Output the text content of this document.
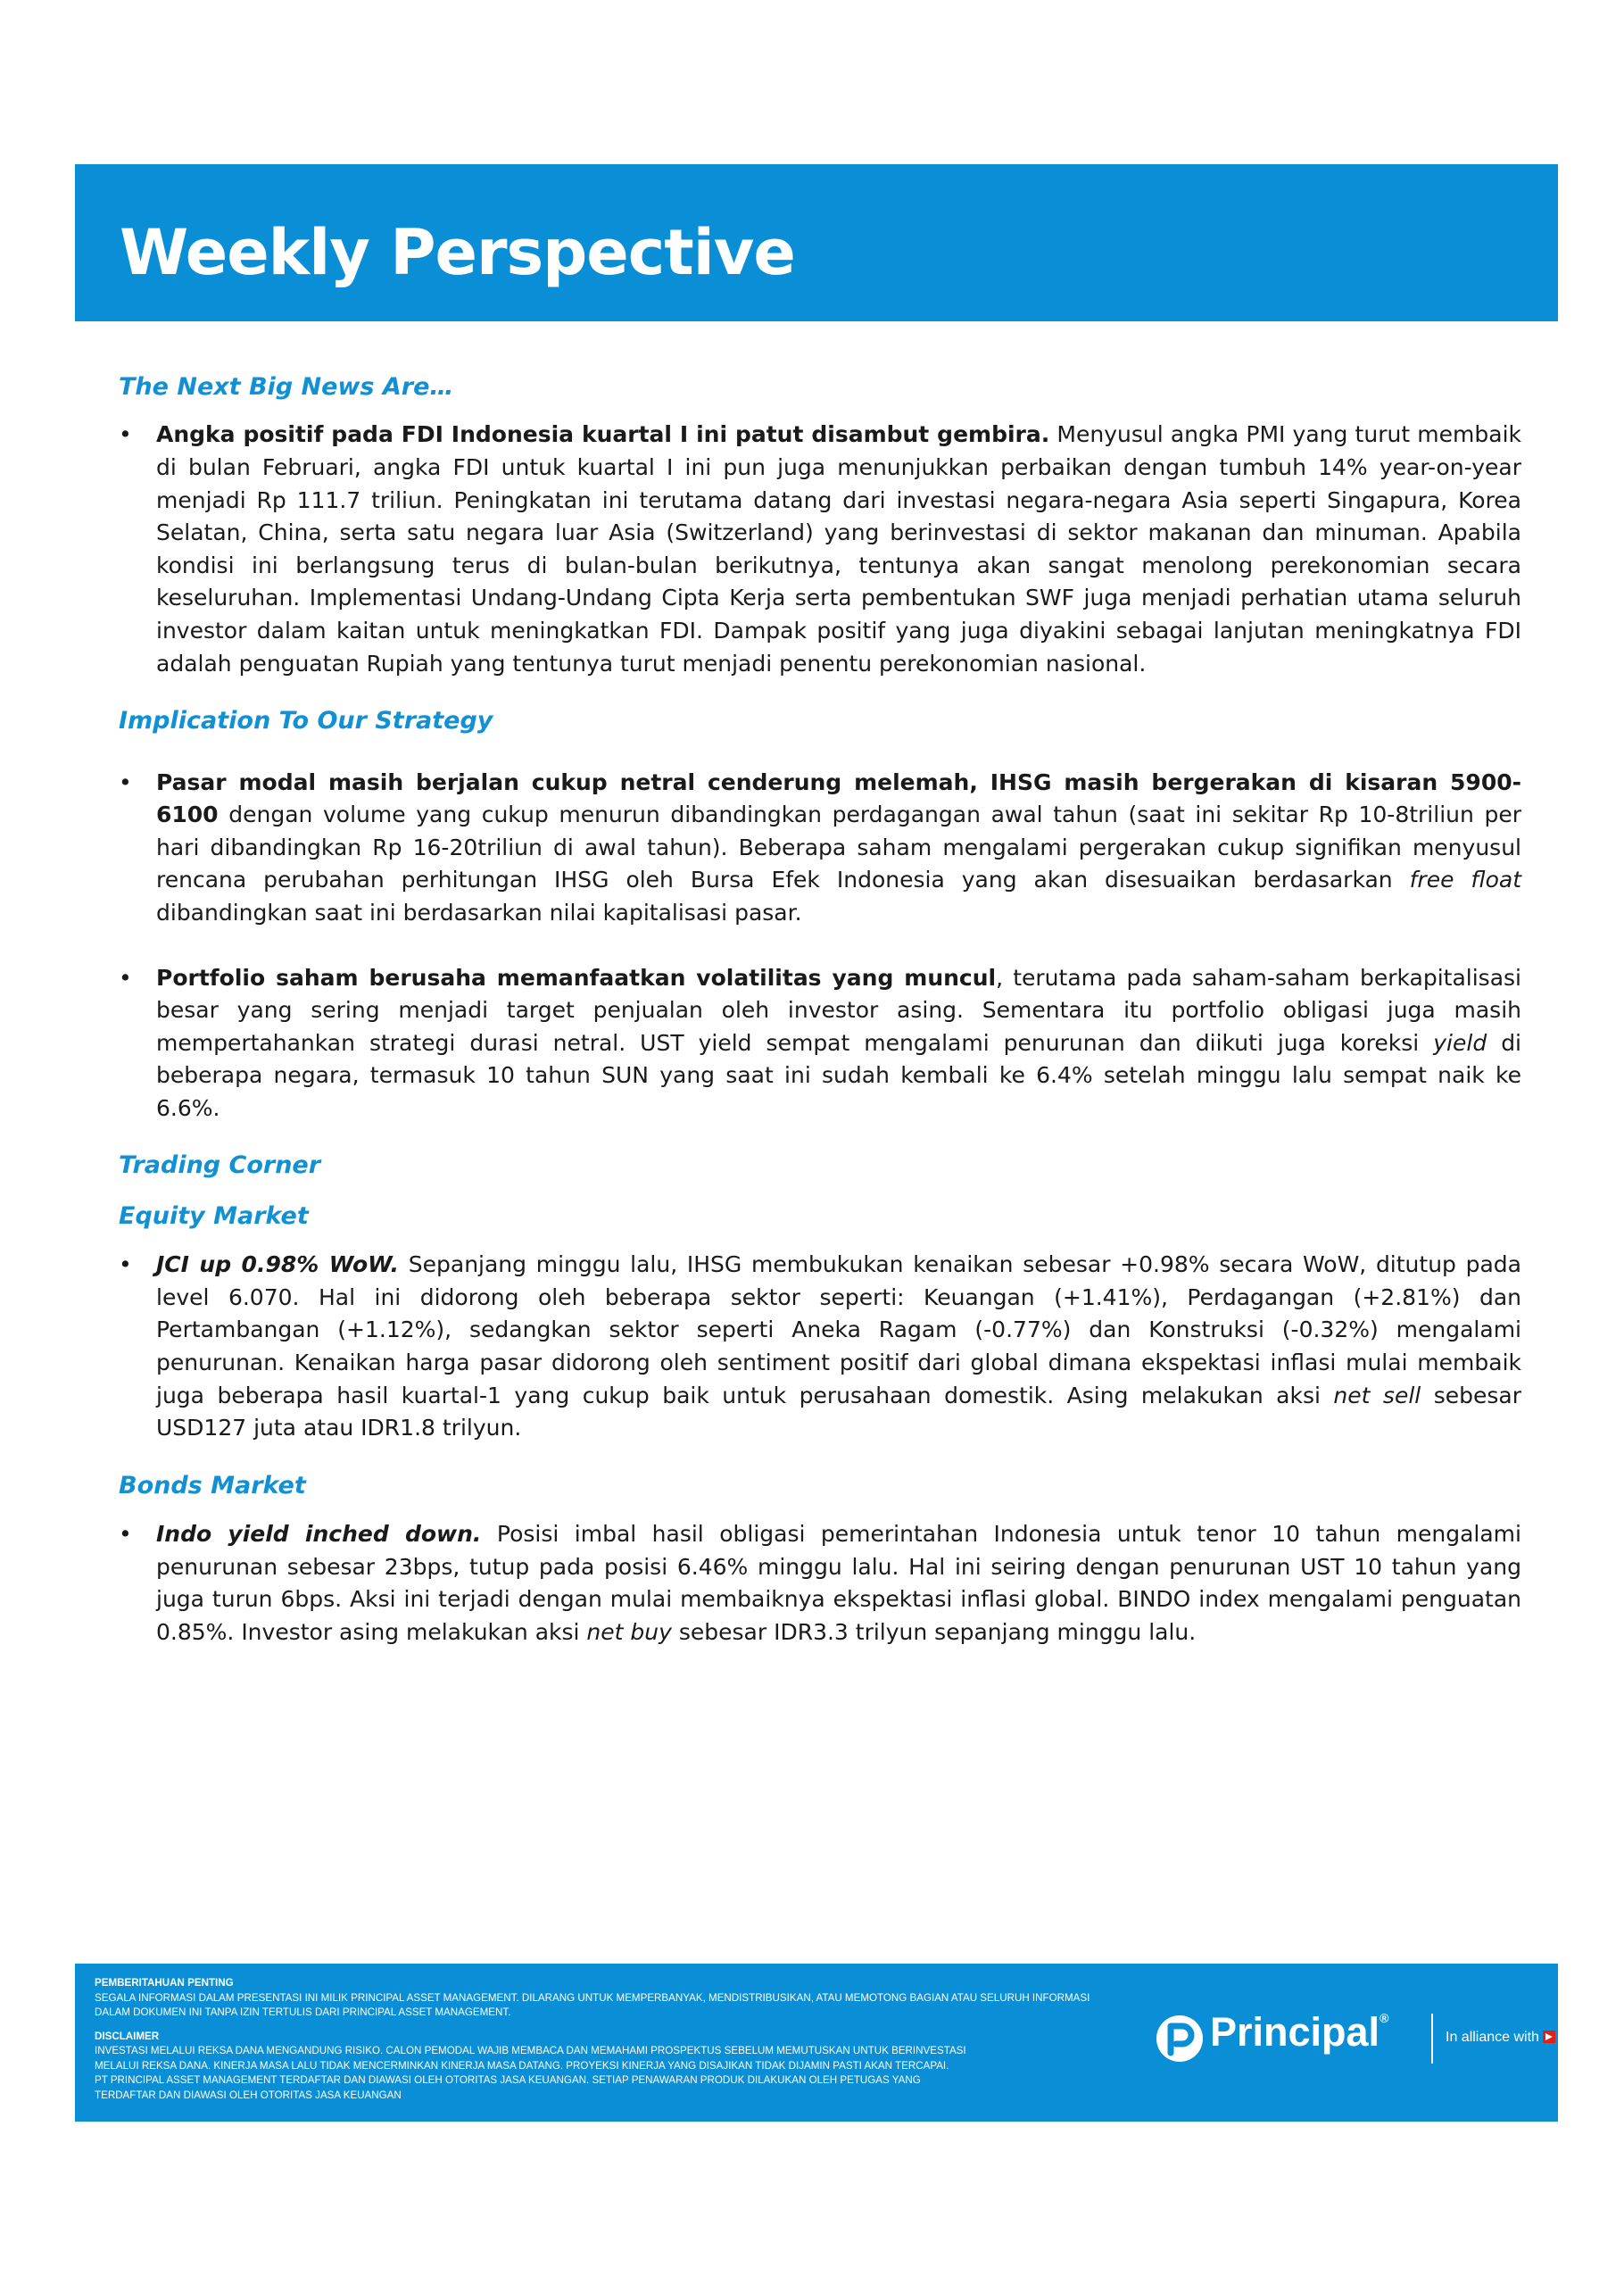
Weekly Perspective
The Next Big News Are…

• Angka positif pada FDI Indonesia kuartal I ini patut disambut gembira. Menyusul angka PMI yang turut membaik di bulan Februari, angka FDI untuk kuartal I ini pun juga menunjukkan perbaikan dengan tumbuh 14% year-on-year menjadi Rp 111.7 triliun. Peningkatan ini terutama datang dari investasi negara-negara Asia seperti Singapura, Korea Selatan, China, serta satu negara luar Asia (Switzerland) yang berinvestasi di sektor makanan dan minuman. Apabila kondisi ini berlangsung terus di bulan-bulan berikutnya, tentunya akan sangat menolong perekonomian secara keseluruhan. Implementasi Undang-Undang Cipta Kerja serta pembentukan SWF juga menjadi perhatian utama seluruh investor dalam kaitan untuk meningkatkan FDI. Dampak positif yang juga diyakini sebagai lanjutan meningkatnya FDI adalah penguatan Rupiah yang tentunya turut menjadi penentu perekonomian nasional.

Implication To Our Strategy

• Pasar modal masih berjalan cukup netral cenderung melemah, IHSG masih bergerakan di kisaran 5900-6100 dengan volume yang cukup menurun dibandingkan perdagangan awal tahun (saat ini sekitar Rp 10-8triliun per hari dibandingkan Rp 16-20triliun di awal tahun). Beberapa saham mengalami pergerakan cukup signifikan menyusul rencana perubahan perhitungan IHSG oleh Bursa Efek Indonesia yang akan disesuaikan berdasarkan free float dibandingkan saat ini berdasarkan nilai kapitalisasi pasar.

• Portfolio saham berusaha memanfaatkan volatilitas yang muncul, terutama pada saham-saham berkapitalisasi besar yang sering menjadi target penjualan oleh investor asing. Sementara itu portfolio obligasi juga masih mempertahankan strategi durasi netral. UST yield sempat mengalami penurunan dan diikuti juga koreksi yield di beberapa negara, termasuk 10 tahun SUN yang saat ini sudah kembali ke 6.4% setelah minggu lalu sempat naik ke 6.6%.

Trading Corner
Equity Market

• JCI up 0.98% WoW. Sepanjang minggu lalu, IHSG membukukan kenaikan sebesar +0.98% secara WoW, ditutup pada level 6.070. Hal ini didorong oleh beberapa sektor seperti: Keuangan (+1.41%), Perdagangan (+2.81%) dan Pertambangan (+1.12%), sedangkan sektor seperti Aneka Ragam (-0.77%) dan Konstruksi (-0.32%) mengalami penurunan. Kenaikan harga pasar didorong oleh sentiment positif dari global dimana ekspektasi inflasi mulai membaik juga beberapa hasil kuartal-1 yang cukup baik untuk perusahaan domestik. Asing melakukan aksi net sell sebesar USD127 juta atau IDR1.8 trilyun.

Bonds Market

• Indo yield inched down. Posisi imbal hasil obligasi pemerintahan Indonesia untuk tenor 10 tahun mengalami penurunan sebesar 23bps, tutup pada posisi 6.46% minggu lalu. Hal ini seiring dengan penurunan UST 10 tahun yang juga turun 6bps. Aksi ini terjadi dengan mulai membaiknya ekspektasi inflasi global. BINDO index mengalami penguatan 0.85%. Investor asing melakukan aksi net buy sebesar IDR3.3 trilyun sepanjang minggu lalu.

PEMBERITAHUAN PENTING
SEGALA INFORMASI DALAM PRESENTASI INI MILIK PRINCIPAL ASSET MANAGEMENT. DILARANG UNTUK MEMPERBANYAK, MENDISTRIBUSIKAN, ATAU MEMOTONG BAGIAN ATAU SELURUH INFORMASI
DALAM DOKUMEN INI TANPA IZIN TERTULIS DARI PRINCIPAL ASSET MANAGEMENT.
DISCLAIMER
INVESTASI MELALUI REKSA DANA MENGANDUNG RISIKO. CALON PEMODAL WAJIB MEMBACA DAN MEMAHAMI PROSPEKTUS SEBELUM MEMUTUSKAN UNTUK BERINVESTASI
MELALUI REKSA DANA. KINERJA MASA LALU TIDAK MENCERMINKAN KINERJA MASA DATANG. PROYEKSI KINERJA YANG DISAJIKAN TIDAK DIJAMIN PASTI AKAN TERCAPAI.
PT PRINCIPAL ASSET MANAGEMENT TERDAFTAR DAN DIAWASI OLEH OTORITAS JASA KEUANGAN. SETIAP PENAWARAN PRODUK DILAKUKAN OLEH PETUGAS YANG
TERDAFTAR DAN DIAWASI OLEH OTORITAS JASA KEUANGAN
Principal®
In alliance with CIMB
